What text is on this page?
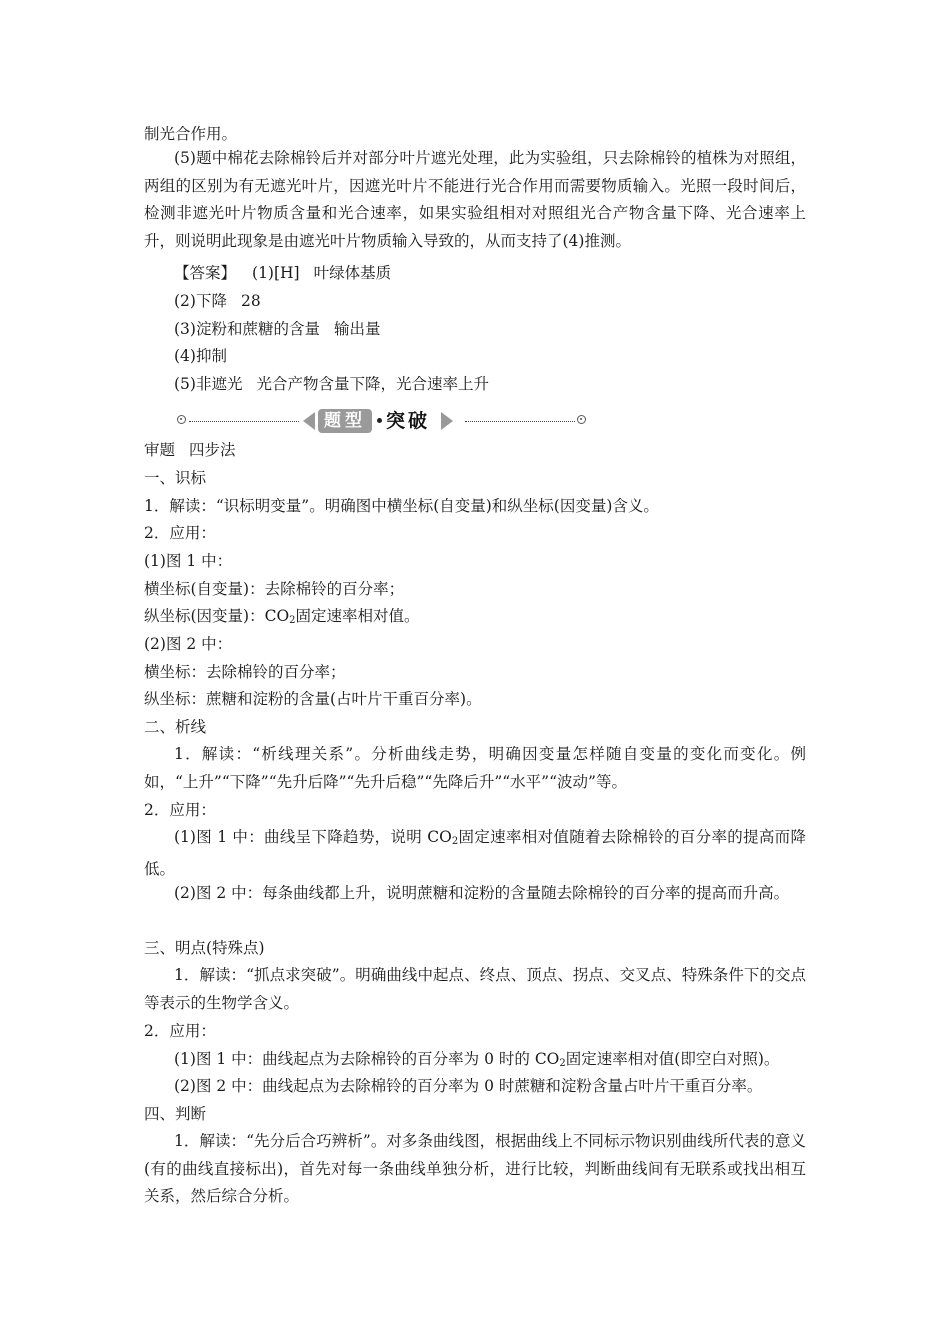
制光合作用。
(5)题中棉花去除棉铃后并对部分叶片遮光处理，此为实验组，只去除棉铃的植株为对照组，两组的区别为有无遮光叶片，因遮光叶片不能进行光合作用而需要物质输入。光照一段时间后，检测非遮光叶片物质含量和光合速率，如果实验组相对对照组光合产物含量下降、光合速率上升，则说明此现象是由遮光叶片物质输入导致的，从而支持了(4)推测。
【答案】 (1)[H] 叶绿体基质
(2)下降 28
(3)淀粉和蔗糖的含量 输出量
(4)抑制
(5)非遮光 光合产物含量下降，光合速率上升
题型	突破
审题 四步法
一、识标
1．解读：“识标明变量”。明确图中横坐标(自变量)和纵坐标(因变量)含义。
2．应用：
(1)图 1 中：
横坐标(自变量)：去除棉铃的百分率；
纵坐标(因变量)：$CO_2$固定速率相对值。
(2)图 2 中：
横坐标：去除棉铃的百分率；
纵坐标：蔗糖和淀粉的含量(占叶片干重百分率)。
二、析线
1．解读：“析线理关系”。分析曲线走势，明确因变量怎样随自变量的变化而变化。例如，“上升”“下降”“先升后降”“先升后稳”“先降后升”“水平”“波动”等。
2．应用：
(1)图 1 中：曲线呈下降趋势，说明 $CO_2$固定速率相对值随着去除棉铃的百分率的提高而降低。
(2)图 2 中：每条曲线都上升，说明蔗糖和淀粉的含量随去除棉铃的百分率的提高而升高。
三、明点(特殊点)
1．解读：“抓点求突破”。明确曲线中起点、终点、顶点、拐点、交叉点、特殊条件下的交点等表示的生物学含义。
2．应用：
(1)图 1 中：曲线起点为去除棉铃的百分率为 0 时的 $CO_2$固定速率相对值(即空白对照)。
(2)图 2 中：曲线起点为去除棉铃的百分率为 0 时蔗糖和淀粉含量占叶片干重百分率。
四、判断
1．解读：“先分后合巧辨析”。对多条曲线图，根据曲线上不同标示物识别曲线所代表的意义(有的曲线直接标出)，首先对每一条曲线单独分析，进行比较，判断曲线间有无联系或找出相互关系，然后综合分析。
